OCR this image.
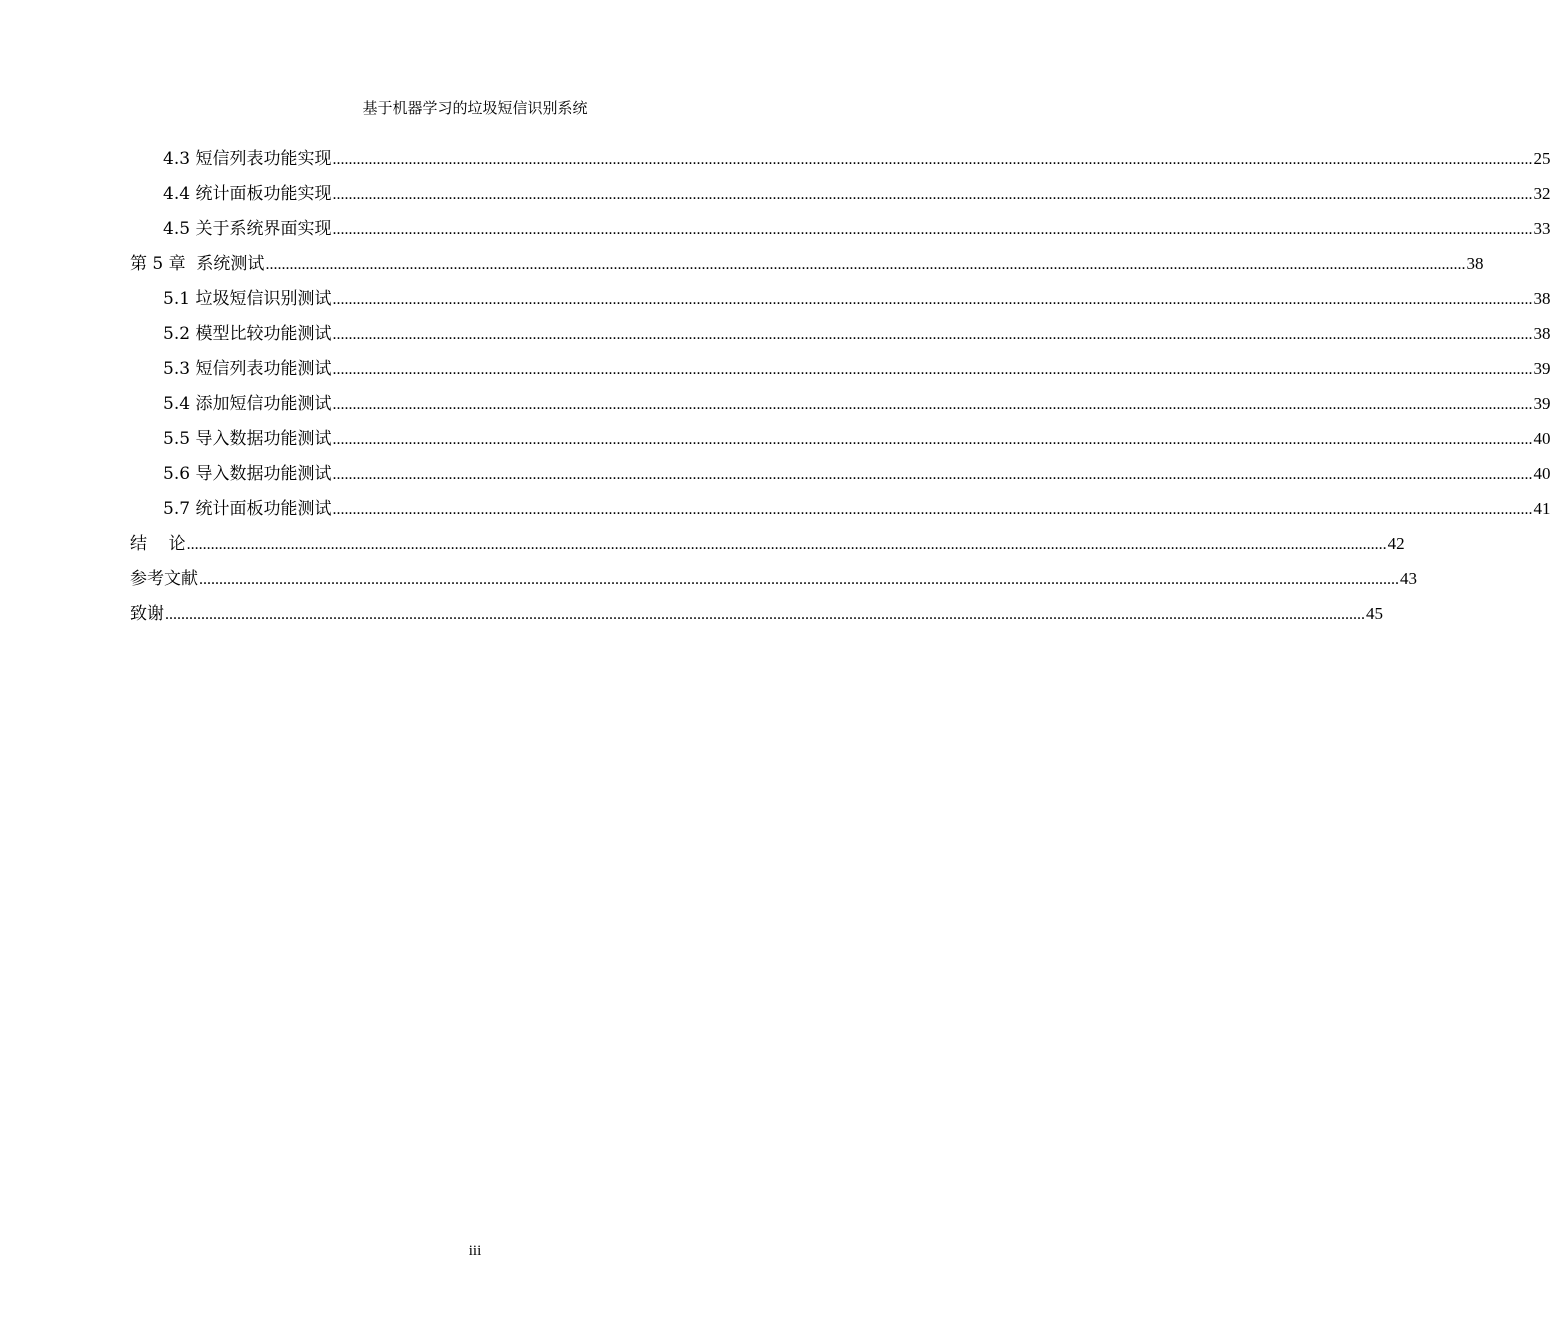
基于机器学习的垃圾短信识别系统
4.3 短信列表功能实现 ............................................................................................................................................................................................................................................................................................................ 25
4.4 统计面板功能实现 ............................................................................................................................................................................................................................................................................................................ 32
4.5 关于系统界面实现 ............................................................................................................................................................................................................................................................................................................ 33
第 5 章  系统测试 ............................................................................................................................................................................................................................................................................................................ 38
5.1 垃圾短信识别测试 ............................................................................................................................................................................................................................................................................................................ 38
5.2 模型比较功能测试 ............................................................................................................................................................................................................................................................................................................ 38
5.3 短信列表功能测试 ............................................................................................................................................................................................................................................................................................................ 39
5.4 添加短信功能测试 ............................................................................................................................................................................................................................................................................................................ 39
5.5 导入数据功能测试 ............................................................................................................................................................................................................................................................................................................ 40
5.6 导入数据功能测试 ............................................................................................................................................................................................................................................................................................................ 40
5.7 统计面板功能测试 ............................................................................................................................................................................................................................................................................................................ 41
结    论 ............................................................................................................................................................................................................................................................................................................ 42
参考文献 ............................................................................................................................................................................................................................................................................................................ 43
致谢 ............................................................................................................................................................................................................................................................................................................ 45
iii
